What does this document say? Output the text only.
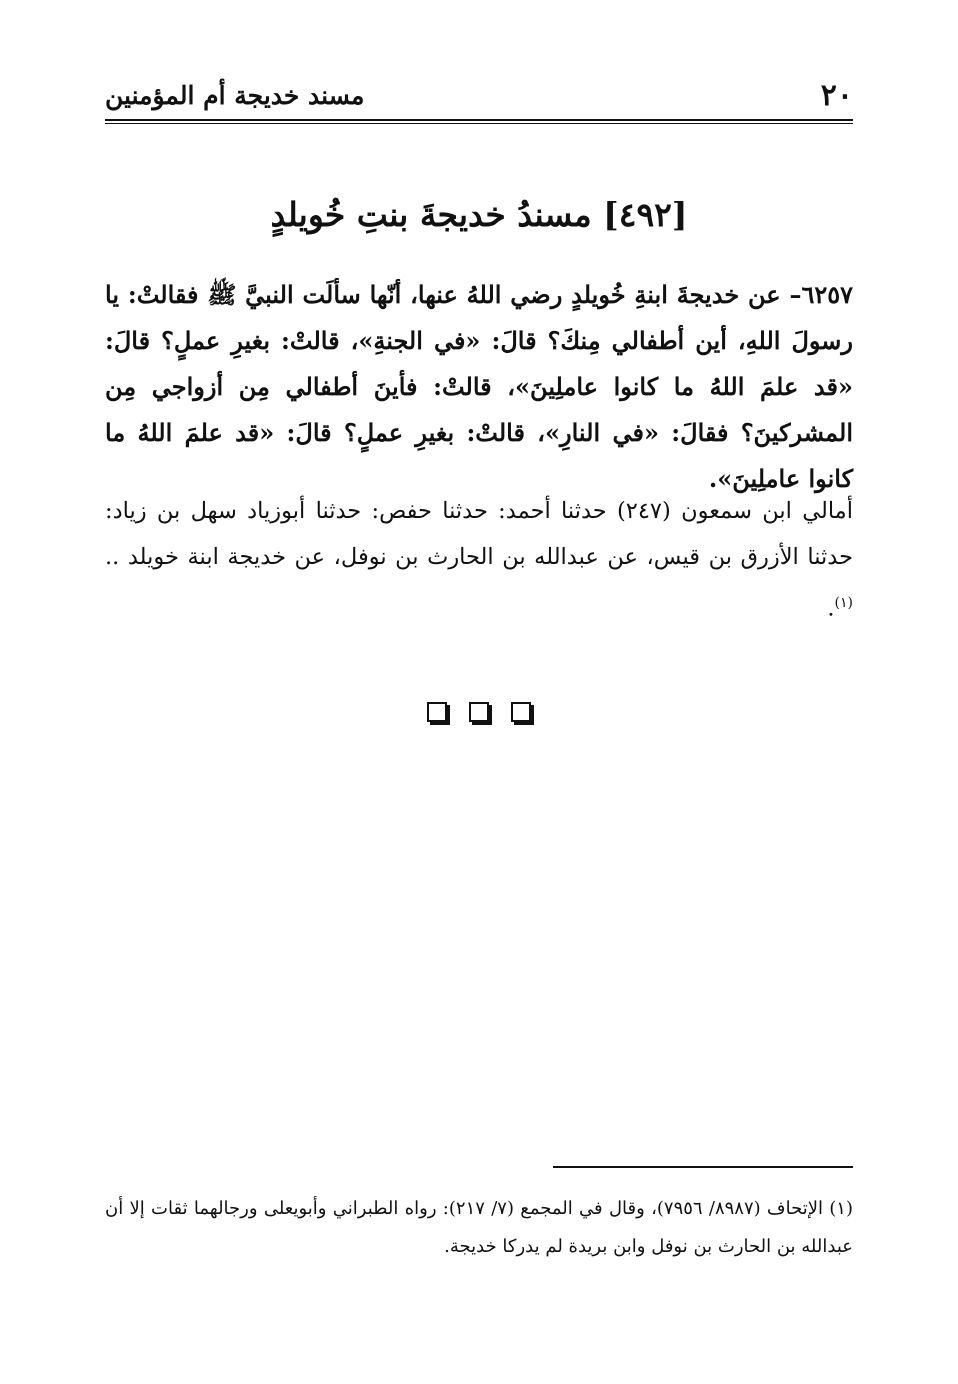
٢٠
مسند خديجة أم المؤمنين
[٤٩٢] مسندُ خديجةَ بنتِ خُويلدٍ

٦٢٥٧– عن خديجةَ ابنةِ خُويلدٍ رضي اللهُ عنها، أنّها سألَت النبيَّ ﷺ فقالتْ: يا رسولَ اللهِ، أين أطفالي مِنكَ؟ قالَ: «في الجنةِ»، قالتْ: بغيرِ عملٍ؟ قالَ: «قد علمَ اللهُ ما كانوا عاملِينَ»، قالتْ: فأينَ أطفالي مِن أزواجي مِن المشركينَ؟ فقالَ: «في النارِ»، قالتْ: بغيرِ عملٍ؟ قالَ: «قد علمَ اللهُ ما كانوا عاملِينَ».

أمالي ابن سمعون (٢٤٧) حدثنا أحمد: حدثنا حفص: حدثنا أبوزياد سهل بن زياد: حدثنا الأزرق بن قيس، عن عبدالله بن الحارث بن نوفل، عن خديجة ابنة خويلد .. $^{(١)}$.

(١) الإتحاف (٨٩٨٧/ ٧٩٥٦)، وقال في المجمع (٧/ ٢١٧): رواه الطبراني وأبويعلى ورجالهما ثقات إلا أن عبدالله بن الحارث بن نوفل وابن بريدة لم يدركا خديجة.
